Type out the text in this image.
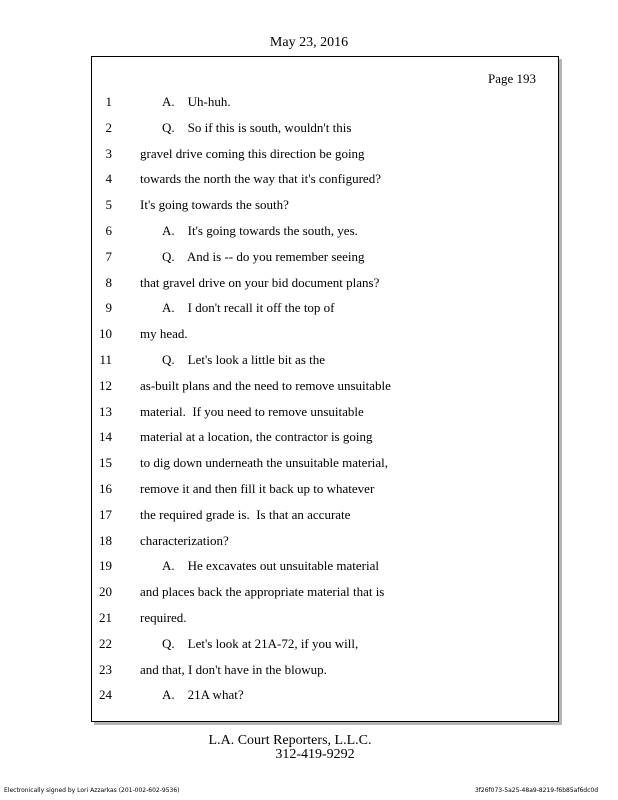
May 23, 2016
Page 193
1	A.    Uh-huh.
2	Q.    So if this is south, wouldn't this
3 gravel drive coming this direction be going
4 towards the north the way that it's configured?
5 It's going towards the south?
6	A.    It's going towards the south, yes.
7	Q.    And is -- do you remember seeing
8 that gravel drive on your bid document plans?
9	A.    I don't recall it off the top of
10 my head.
11	Q.    Let's look a little bit as the
12 as-built plans and the need to remove unsuitable
13 material.  If you need to remove unsuitable
14 material at a location, the contractor is going
15 to dig down underneath the unsuitable material,
16 remove it and then fill it back up to whatever
17 the required grade is.  Is that an accurate
18 characterization?
19	A.    He excavates out unsuitable material
20 and places back the appropriate material that is
21 required.
22	Q.    Let's look at 21A-72, if you will,
23 and that, I don't have in the blowup.
24	A.    21A what?
L.A. Court Reporters, L.L.C.
312-419-9292
Electronically signed by Lori Azzarkas (201-002-602-9536)	3f26f073-5a25-48a9-8219-f6b85af6dc0d
